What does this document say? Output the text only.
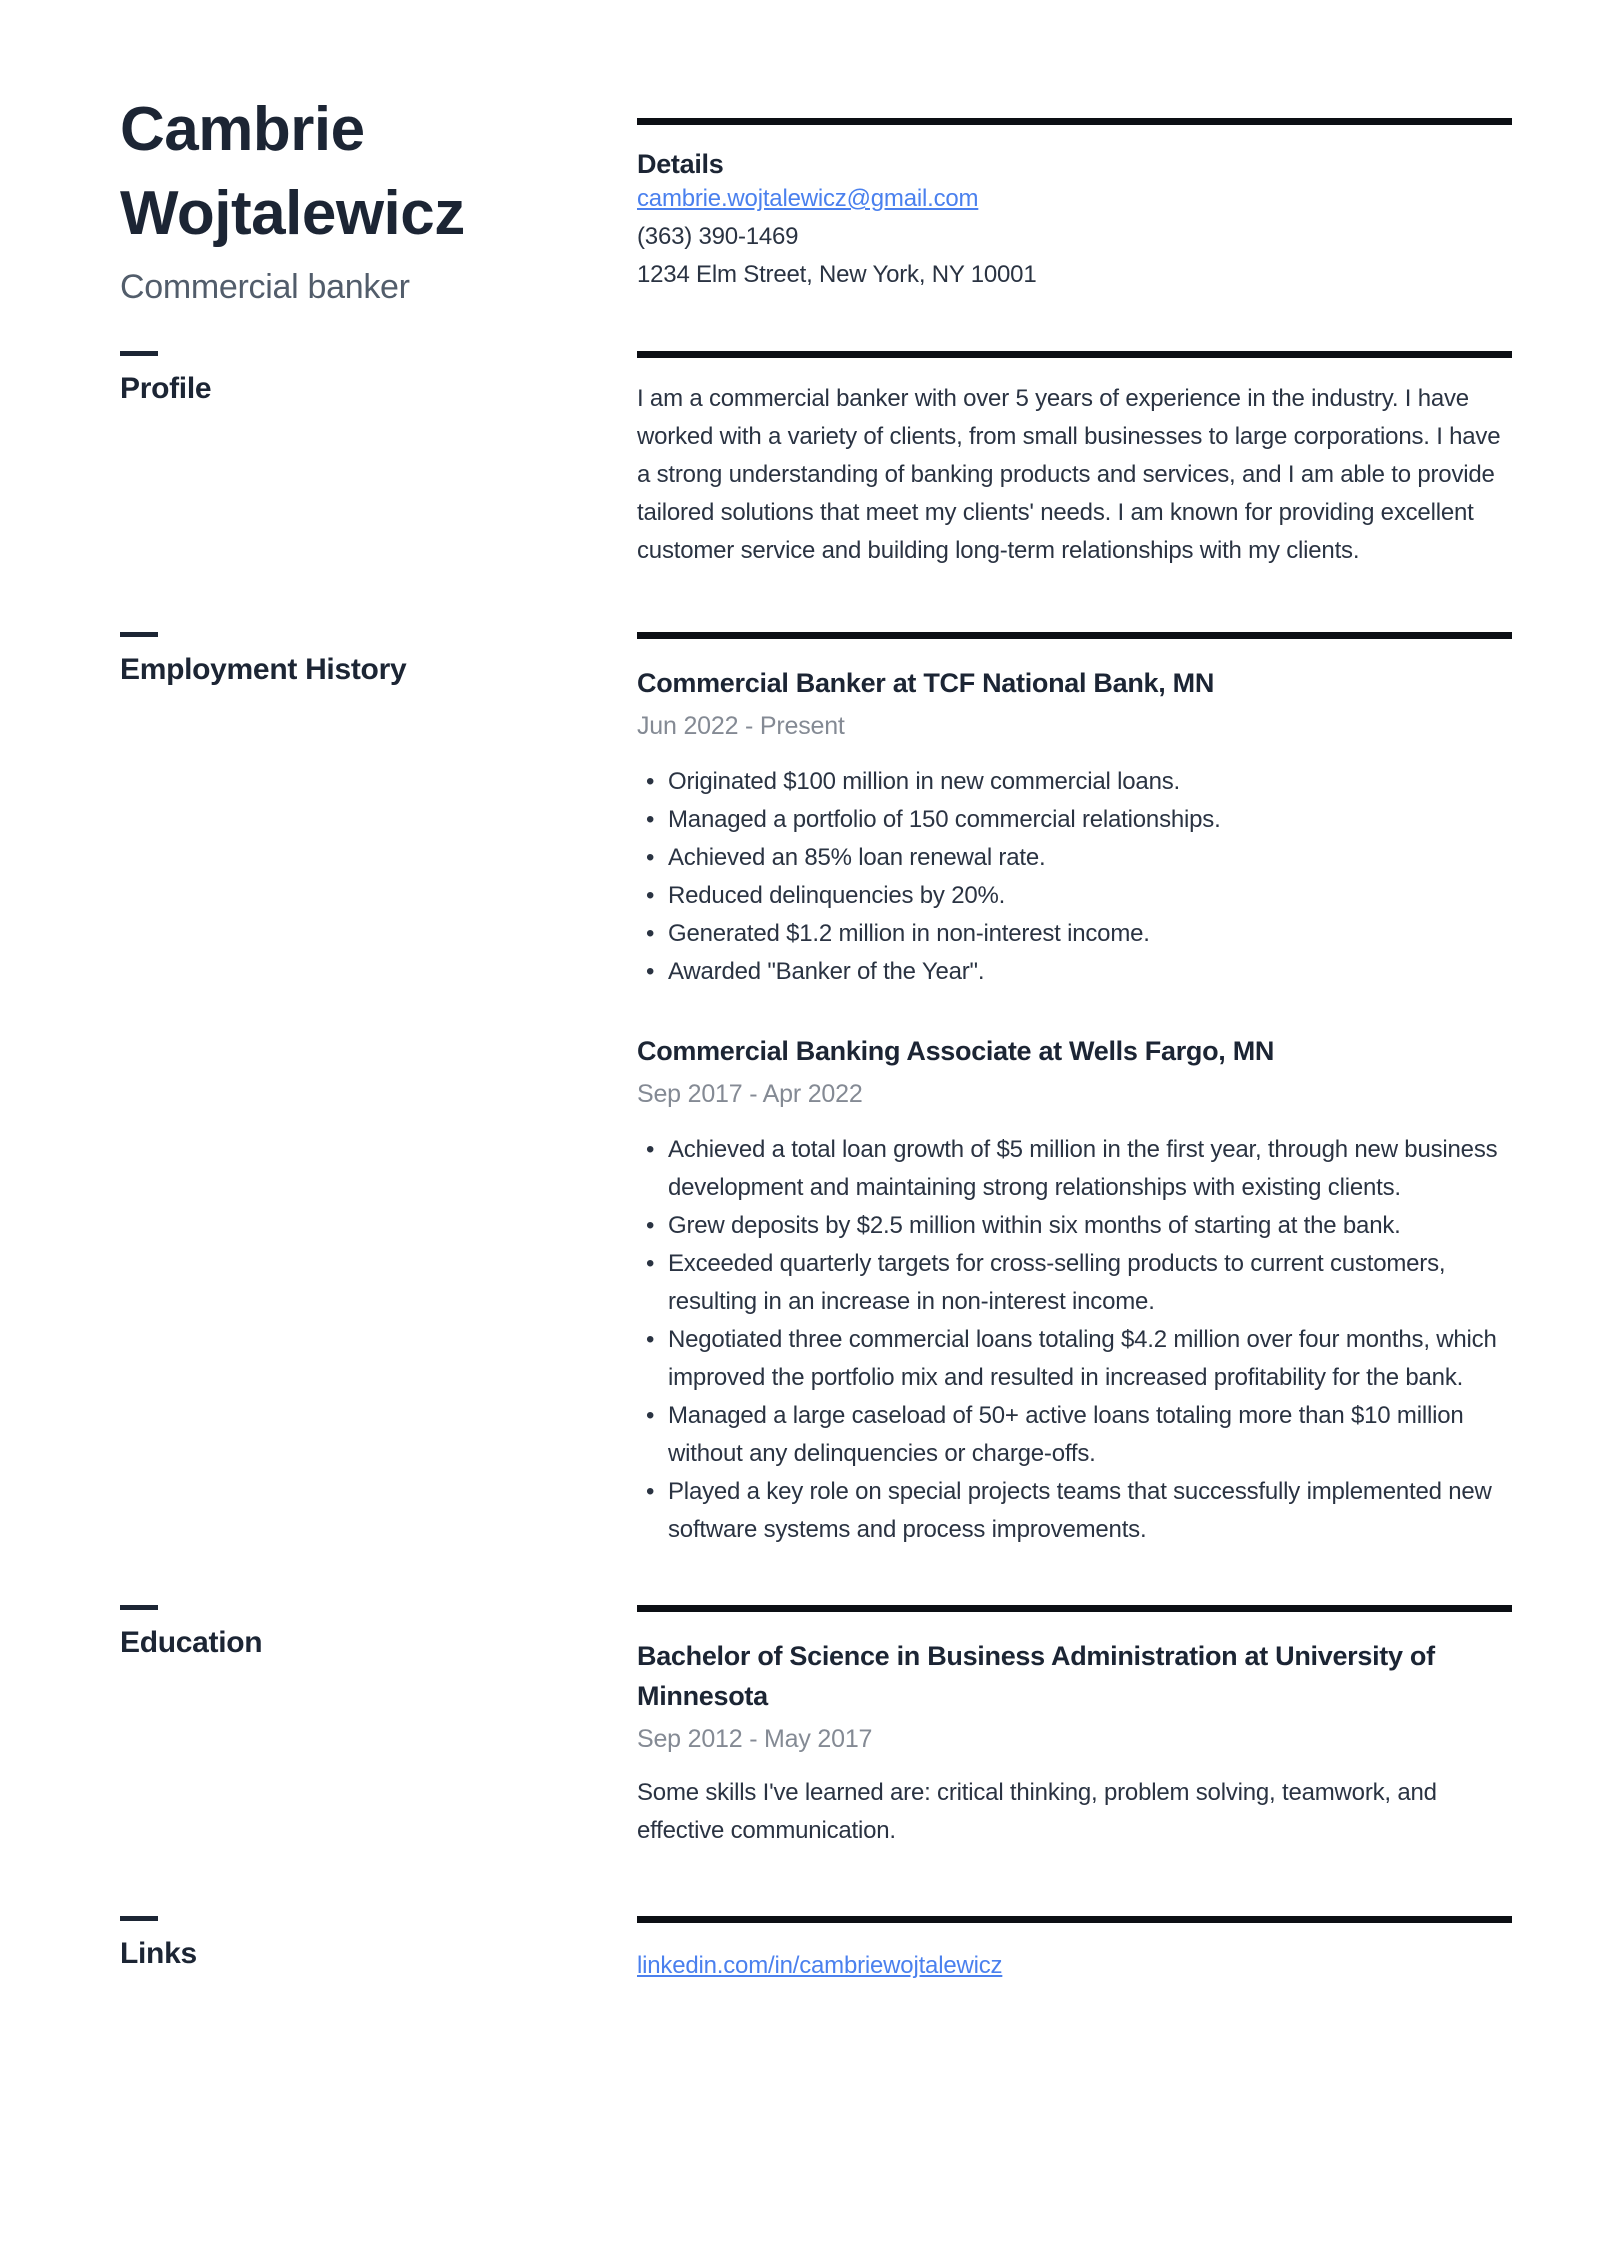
Cambrie Wojtalewicz
Commercial banker
Details
cambrie.wojtalewicz@gmail.com
(363) 390-1469
1234 Elm Street, New York, NY 10001
Profile	I am a commercial banker with over 5 years of experience in the industry. I have worked with a variety of clients, from small businesses to large corporations. I have a strong understanding of banking products and services, and I am able to provide tailored solutions that meet my clients' needs. I am known for providing excellent customer service and building long-term relationships with my clients.
Employment History	Commercial Banker at TCF National Bank, MN
Jun 2022 - Present
• Originated $100 million in new commercial loans.
• Managed a portfolio of 150 commercial relationships.
• Achieved an 85% loan renewal rate.
• Reduced delinquencies by 20%.
• Generated $1.2 million in non-interest income.
• Awarded "Banker of the Year".
Commercial Banking Associate at Wells Fargo, MN
Sep 2017 - Apr 2022
• Achieved a total loan growth of $5 million in the first year, through new business development and maintaining strong relationships with existing clients.
• Grew deposits by $2.5 million within six months of starting at the bank.
• Exceeded quarterly targets for cross-selling products to current customers, resulting in an increase in non-interest income.
• Negotiated three commercial loans totaling $4.2 million over four months, which improved the portfolio mix and resulted in increased profitability for the bank.
• Managed a large caseload of 50+ active loans totaling more than $10 million without any delinquencies or charge-offs.
• Played a key role on special projects teams that successfully implemented new software systems and process improvements.
Education	Bachelor of Science in Business Administration at University of Minnesota
Sep 2012 - May 2017
Some skills I've learned are: critical thinking, problem solving, teamwork, and effective communication.
Links	linkedin.com/in/cambriewojtalewicz
